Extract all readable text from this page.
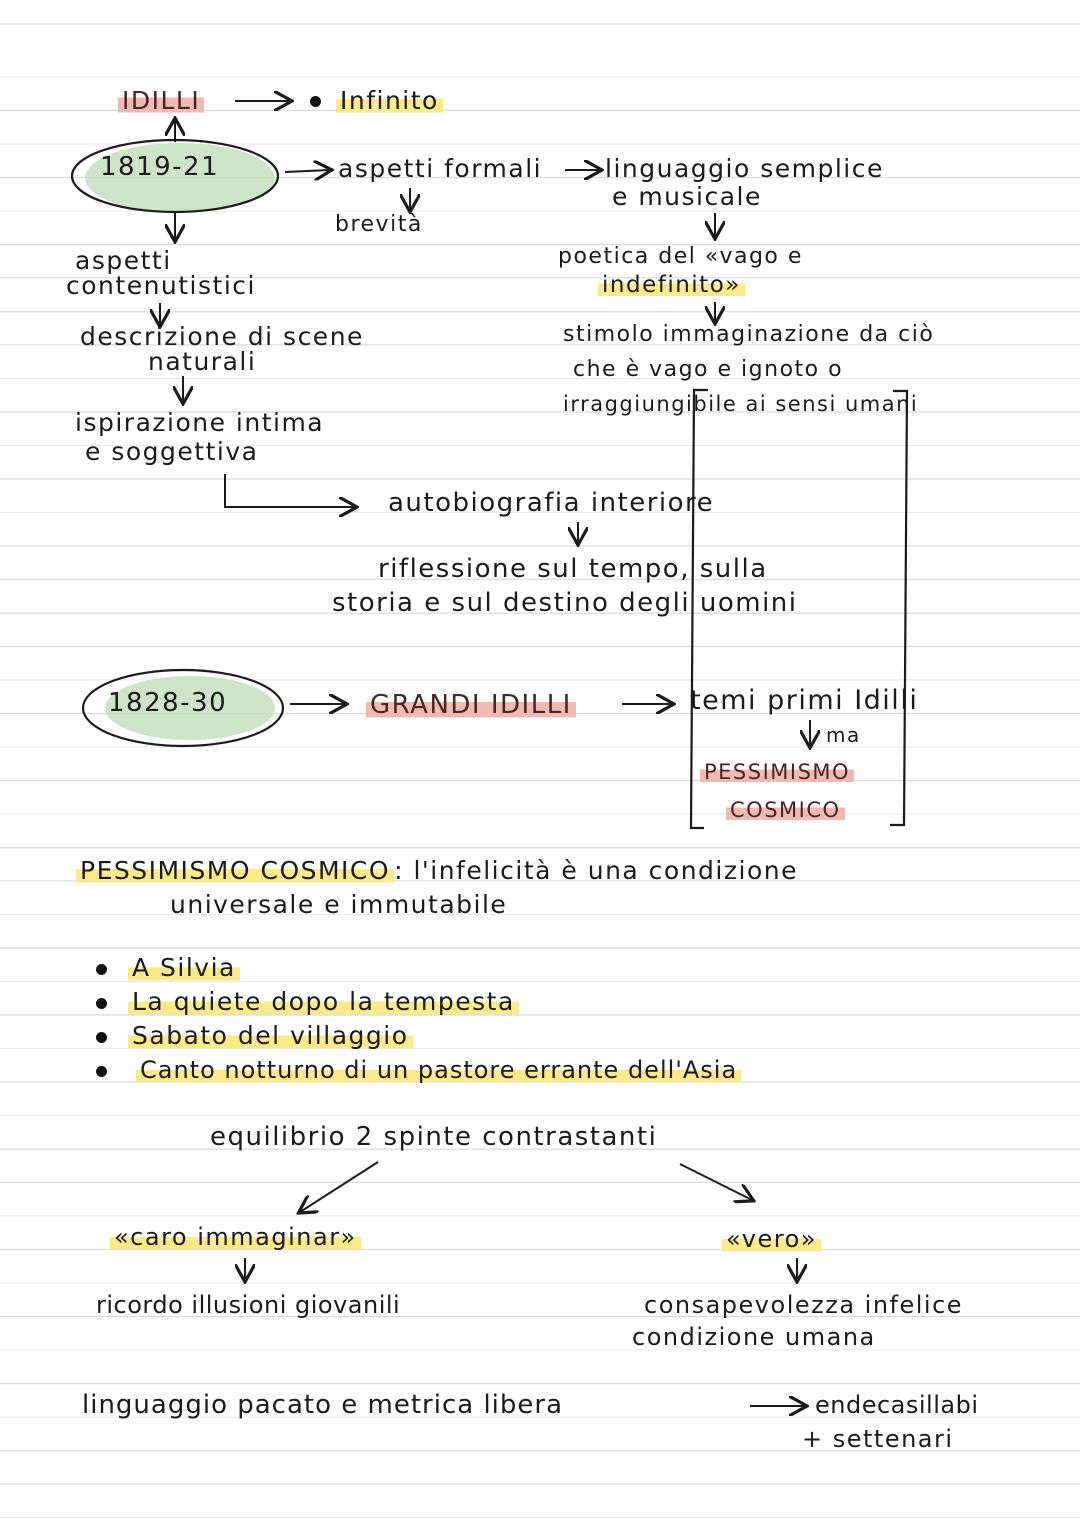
IDILLI	Infinito
1819-21	aspetti formali
brevità
linguaggio semplice
e musicale
poetica del «vago e
indefinito»
stimolo immaginazione da ciò
che è vago e ignoto o
irraggiungibile ai sensi umani
aspetti
contenutistici
descrizione di scene
naturali
ispirazione intima
e soggettiva
autobiografia interiore
riflessione sul tempo, sulla
storia e sul destino degli uomini
1828-30	GRANDI IDILLI	temi primi Idilli
ma
PESSIMISMO
COSMICO
PESSIMISMO COSMICO : l'infelicità è una condizione
universale e immutabile
A Silvia
La quiete dopo la tempesta
Sabato del villaggio
Canto notturno di un pastore errante dell'Asia
equilibrio 2 spinte contrastanti
«caro immaginar»
ricordo illusioni giovanili
«vero»
consapevolezza infelice
condizione umana
linguaggio pacato e metrica libera	endecasillabi
+ settenari
